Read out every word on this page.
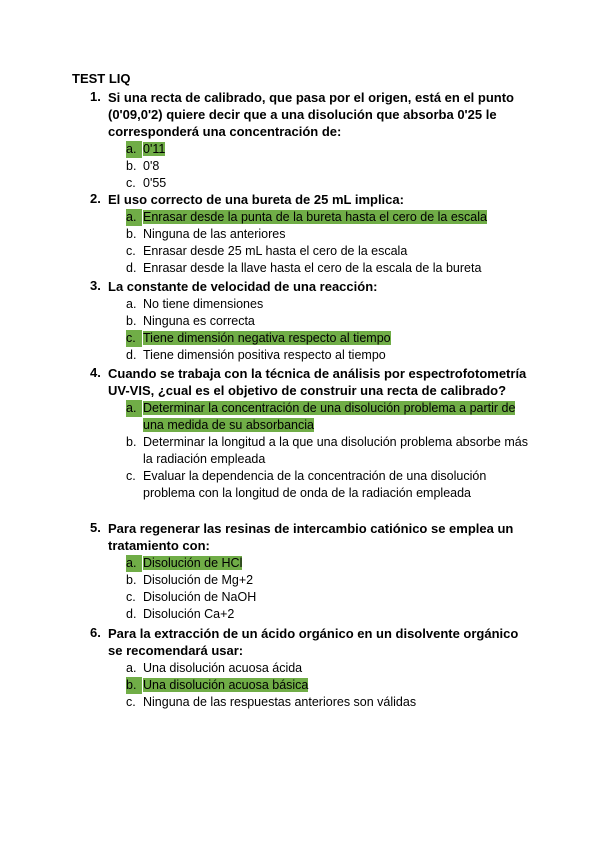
TEST LIQ
1. Si una recta de calibrado, que pasa por el origen, está en el punto (0'09,0'2) quiere decir que a una disolución que absorba 0'25 le corresponderá una concentración de:
a. 0'11
b. 0'8
c. 0'55
2. El uso correcto de una bureta de 25 mL implica:
a. Enrasar desde la punta de la bureta hasta el cero de la escala
b. Ninguna de las anteriores
c. Enrasar desde 25 mL hasta el cero de la escala
d. Enrasar desde la llave hasta el cero de la escala de la bureta
3. La constante de velocidad de una reacción:
a. No tiene dimensiones
b. Ninguna es correcta
c. Tiene dimensión negativa respecto al tiempo
d. Tiene dimensión positiva respecto al tiempo
4. Cuando se trabaja con la técnica de análisis por espectrofotometría UV-VIS, ¿cual es el objetivo de construir una recta de calibrado?
a. Determinar la concentración de una disolución problema a partir de una medida de su absorbancia
b. Determinar la longitud a la que una disolución problema absorbe más la radiación empleada
c. Evaluar la dependencia de la concentración de una disolución problema con la longitud de onda de la radiación empleada
5. Para regenerar las resinas de intercambio catiónico se emplea un tratamiento con:
a. Disolución de HCl
b. Disolución de Mg+2
c. Disolución de NaOH
d. Disolución Ca+2
6. Para la extracción de un ácido orgánico en un disolvente orgánico se recomendará usar:
a. Una disolución acuosa ácida
b. Una disolución acuosa básica
c. Ninguna de las respuestas anteriores son válidas
